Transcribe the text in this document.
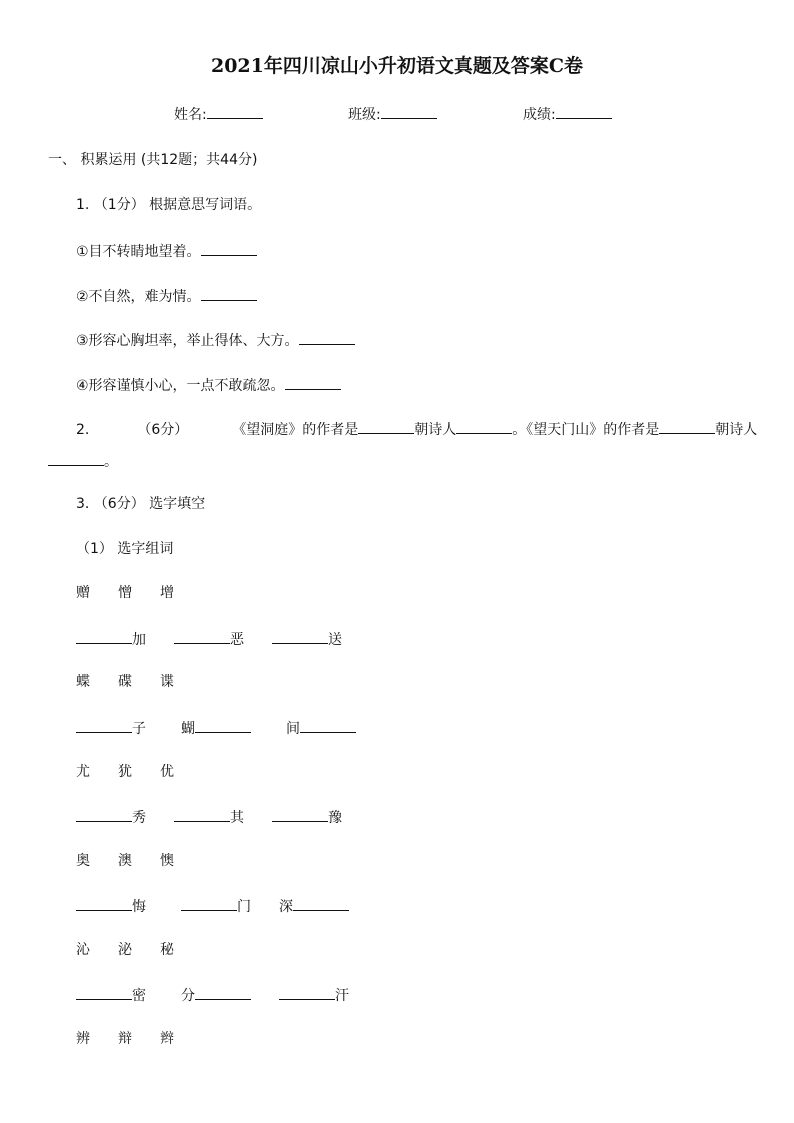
2021年四川凉山小升初语文真题及答案C卷
姓名:	班级:	成绩:
一、 积累运用 (共12题；共44分)
1. （1分） 根据意思写词语。
①目不转睛地望着。
②不自然，难为情。
③形容心胸坦率，举止得体、大方。
④形容谨慎小心，一点不敢疏忽。
2.	（6分）	《望洞庭》的作者是	朝诗人	。《望天门山》的作者是	朝诗人
。
3. （6分） 选字填空
（1） 选字组词
赠 憎 增
加	恶	送
蝶 碟 谍
子	蝴	间
尤 犹 优
秀	其	豫
奥 澳 懊
悔	门 深
沁 泌 秘
密	分	汗
辨 辩 辫
